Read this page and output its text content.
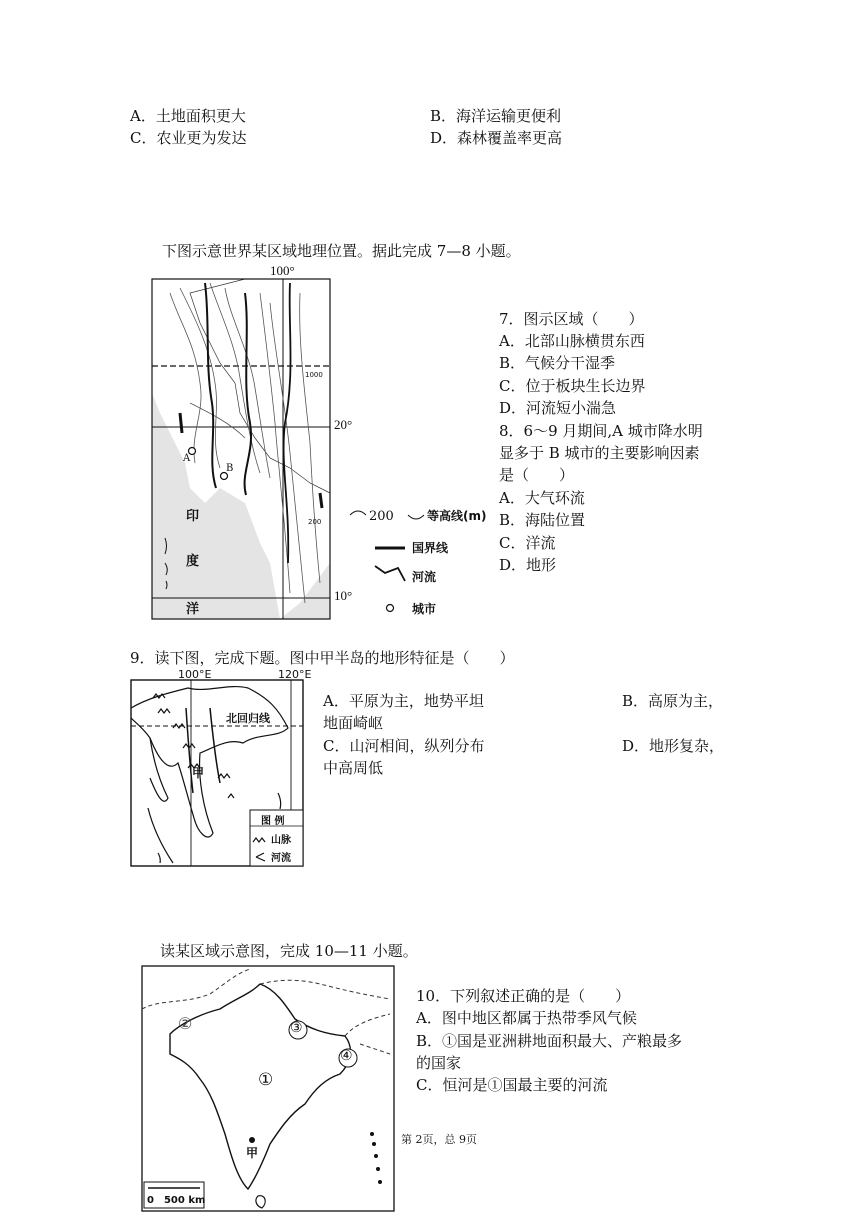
A．土地面积更大	B．海洋运输更便利
C．农业更为发达	D．森林覆盖率更高
下图示意世界某区域地理位置。据此完成 7—8 小题。
100°
20°
10°
1000
200
A
B
印
度
洋
200	等高线(m)
国界线
河流
城市
7．图示区域（　　）
A．北部山脉横贯东西
B．气候分干湿季
C．位于板块生长边界
D．河流短小湍急
8．6～9 月期间,A 城市降水明
显多于 B 城市的主要影响因素
是（　　）
A．大气环流
B．海陆位置
C．洋流
D．地形
9．读下图，完成下题。图中甲半岛的地形特征是（　　）
100°E	120°E
北回归线
甲
图 例
山脉
河流
A．平原为主，地势平坦	B．高原为主，
地面崎岖
C．山河相间，纵列分布	D．地形复杂，
中高周低
读某区域示意图，完成 10—11 小题。
②
①
③
④
甲
0　500 km
10．下列叙述正确的是（　　）
A．图中地区都属于热带季风气候
B．①国是亚洲耕地面积最大、产粮最多
的国家
C．恒河是①国最主要的河流
第 2页，总 9页
